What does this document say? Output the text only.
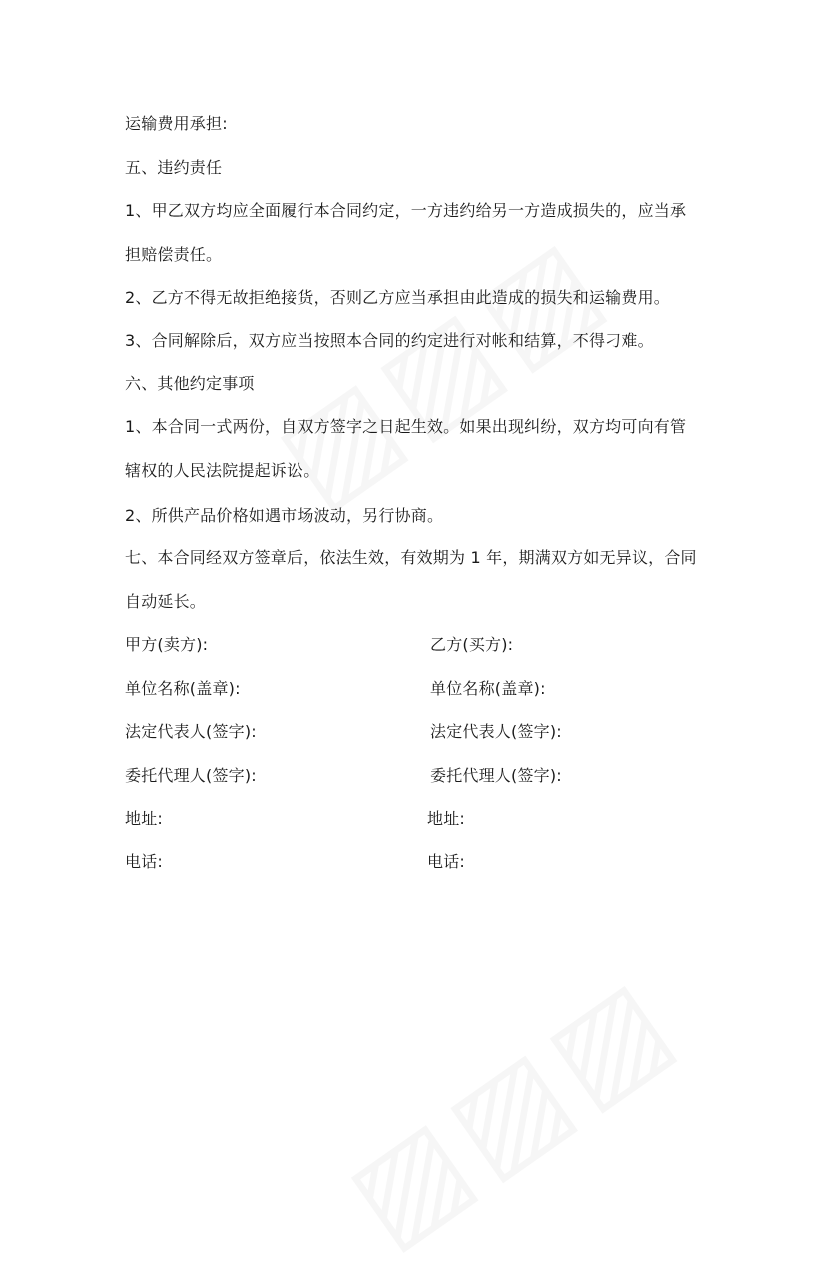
运输费用承担:
五、违约责任
1、甲乙双方均应全面履行本合同约定，一方违约给另一方造成损失的，应当承
担赔偿责任。
2、乙方不得无故拒绝接货，否则乙方应当承担由此造成的损失和运输费用。
3、合同解除后，双方应当按照本合同的约定进行对帐和结算，不得刁难。
六、其他约定事项
1、本合同一式两份，自双方签字之日起生效。如果出现纠纷，双方均可向有管
辖权的人民法院提起诉讼。
2、所供产品价格如遇市场波动，另行协商。
七、本合同经双方签章后，依法生效，有效期为 1 年，期满双方如无异议，合同
自动延长。
甲方(卖方):
单位名称(盖章):
法定代表人(签字):
委托代理人(签字):
地址:
电话:
乙方(买方):
单位名称(盖章):
法定代表人(签字):
委托代理人(签字):
地址:
电话:
